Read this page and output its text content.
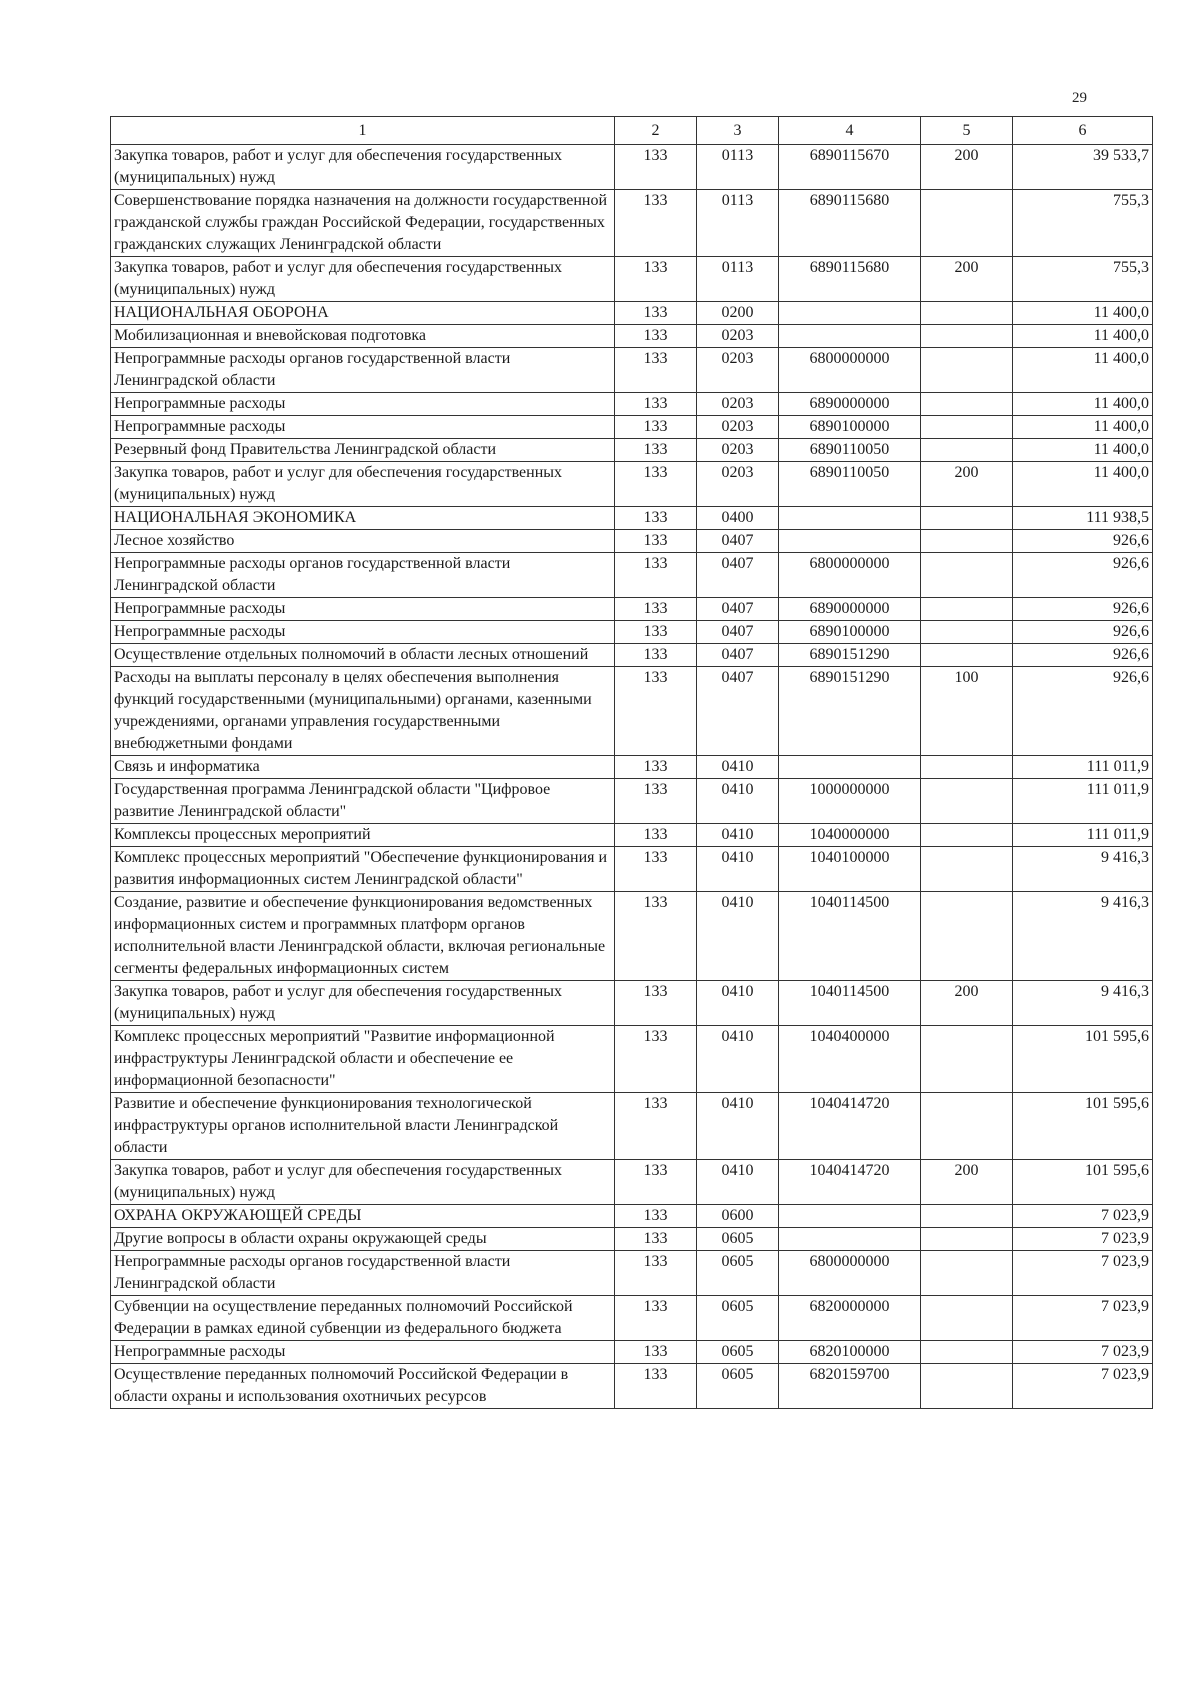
29
1	2	3	4	5	6
Закупка товаров, работ и услуг для обеспечения государственных (муниципальных) нужд	133	0113	6890115670	200	39 533,7
Совершенствование порядка назначения на должности государственной гражданской службы граждан Российской Федерации, государственных гражданских служащих Ленинградской области	133	0113	6890115680		755,3
Закупка товаров, работ и услуг для обеспечения государственных (муниципальных) нужд	133	0113	6890115680	200	755,3
НАЦИОНАЛЬНАЯ ОБОРОНА	133	0200			11 400,0
Мобилизационная и вневойсковая подготовка	133	0203			11 400,0
Непрограммные расходы органов государственной власти Ленинградской области	133	0203	6800000000		11 400,0
Непрограммные расходы	133	0203	6890000000		11 400,0
Непрограммные расходы	133	0203	6890100000		11 400,0
Резервный фонд Правительства Ленинградской области	133	0203	6890110050		11 400,0
Закупка товаров, работ и услуг для обеспечения государственных (муниципальных) нужд	133	0203	6890110050	200	11 400,0
НАЦИОНАЛЬНАЯ ЭКОНОМИКА	133	0400			111 938,5
Лесное хозяйство	133	0407			926,6
Непрограммные расходы органов государственной власти Ленинградской области	133	0407	6800000000		926,6
Непрограммные расходы	133	0407	6890000000		926,6
Непрограммные расходы	133	0407	6890100000		926,6
Осуществление отдельных полномочий в области лесных отношений	133	0407	6890151290		926,6
Расходы на выплаты персоналу в целях обеспечения выполнения функций государственными (муниципальными) органами, казенными учреждениями, органами управления государственными внебюджетными фондами	133	0407	6890151290	100	926,6
Связь и информатика	133	0410			111 011,9
Государственная программа Ленинградской области "Цифровое развитие Ленинградской области"	133	0410	1000000000		111 011,9
Комплексы процессных мероприятий	133	0410	1040000000		111 011,9
Комплекс процессных мероприятий "Обеспечение функционирования и развития информационных систем Ленинградской области"	133	0410	1040100000		9 416,3
Создание, развитие и обеспечение функционирования ведомственных информационных систем и программных платформ органов исполнительной власти Ленинградской области, включая региональные сегменты федеральных информационных систем	133	0410	1040114500		9 416,3
Закупка товаров, работ и услуг для обеспечения государственных (муниципальных) нужд	133	0410	1040114500	200	9 416,3
Комплекс процессных мероприятий "Развитие информационной инфраструктуры Ленинградской области и обеспечение ее информационной безопасности"	133	0410	1040400000		101 595,6
Развитие и обеспечение функционирования технологической инфраструктуры органов исполнительной власти Ленинградской области	133	0410	1040414720		101 595,6
Закупка товаров, работ и услуг для обеспечения государственных (муниципальных) нужд	133	0410	1040414720	200	101 595,6
ОХРАНА ОКРУЖАЮЩЕЙ СРЕДЫ	133	0600			7 023,9
Другие вопросы в области охраны окружающей среды	133	0605			7 023,9
Непрограммные расходы органов государственной власти Ленинградской области	133	0605	6800000000		7 023,9
Субвенции на осуществление переданных полномочий Российской Федерации в рамках единой субвенции из федерального бюджета	133	0605	6820000000		7 023,9
Непрограммные расходы	133	0605	6820100000		7 023,9
Осуществление переданных полномочий Российской Федерации в области охраны и использования охотничьих ресурсов	133	0605	6820159700		7 023,9
